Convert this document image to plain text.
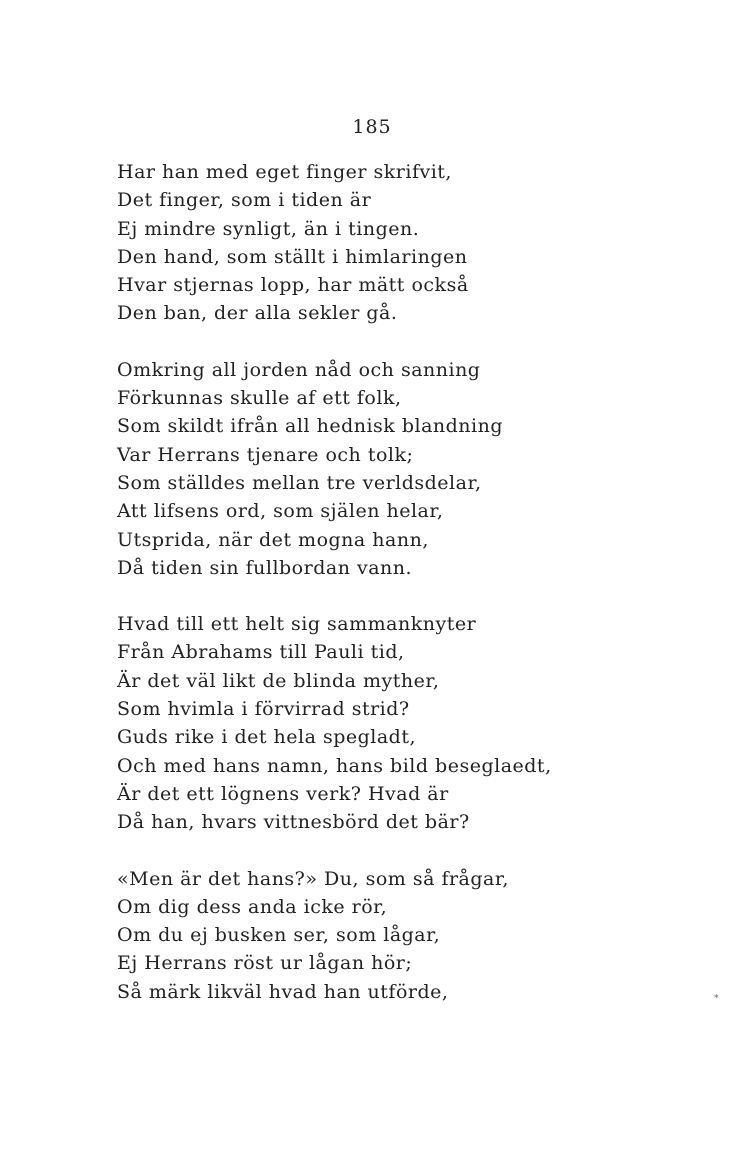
185
Har han med eget finger skrifvit,
Det finger, som i tiden är
Ej mindre synligt, än i tingen.
Den hand, som ställt i himlaringen
Hvar stjernas lopp, har mätt också
Den ban, der alla sekler gå.
Omkring all jorden nåd och sanning
Förkunnas skulle af ett folk,
Som skildt ifrån all hednisk blandning
Var Herrans tjenare och tolk;
Som ställdes mellan tre verldsdelar,
Att lifsens ord, som själen helar,
Utsprida, när det mogna hann,
Då tiden sin fullbordan vann.
Hvad till ett helt sig sammanknyter
Från Abrahams till Pauli tid,
Är det väl likt de blinda myther,
Som hvimla i förvirrad strid?
Guds rike i det hela spegladt,
Och med hans namn, hans bild beseglaedt,
Är det ett lögnens verk? Hvad är
Då han, hvars vittnesbörd det bär?
«Men är det hans?» Du, som så frågar,
Om dig dess anda icke rör,
Om du ej busken ser, som lågar,
Ej Herrans röst ur lågan hör;
Så märk likväl hvad han utförde,	*
